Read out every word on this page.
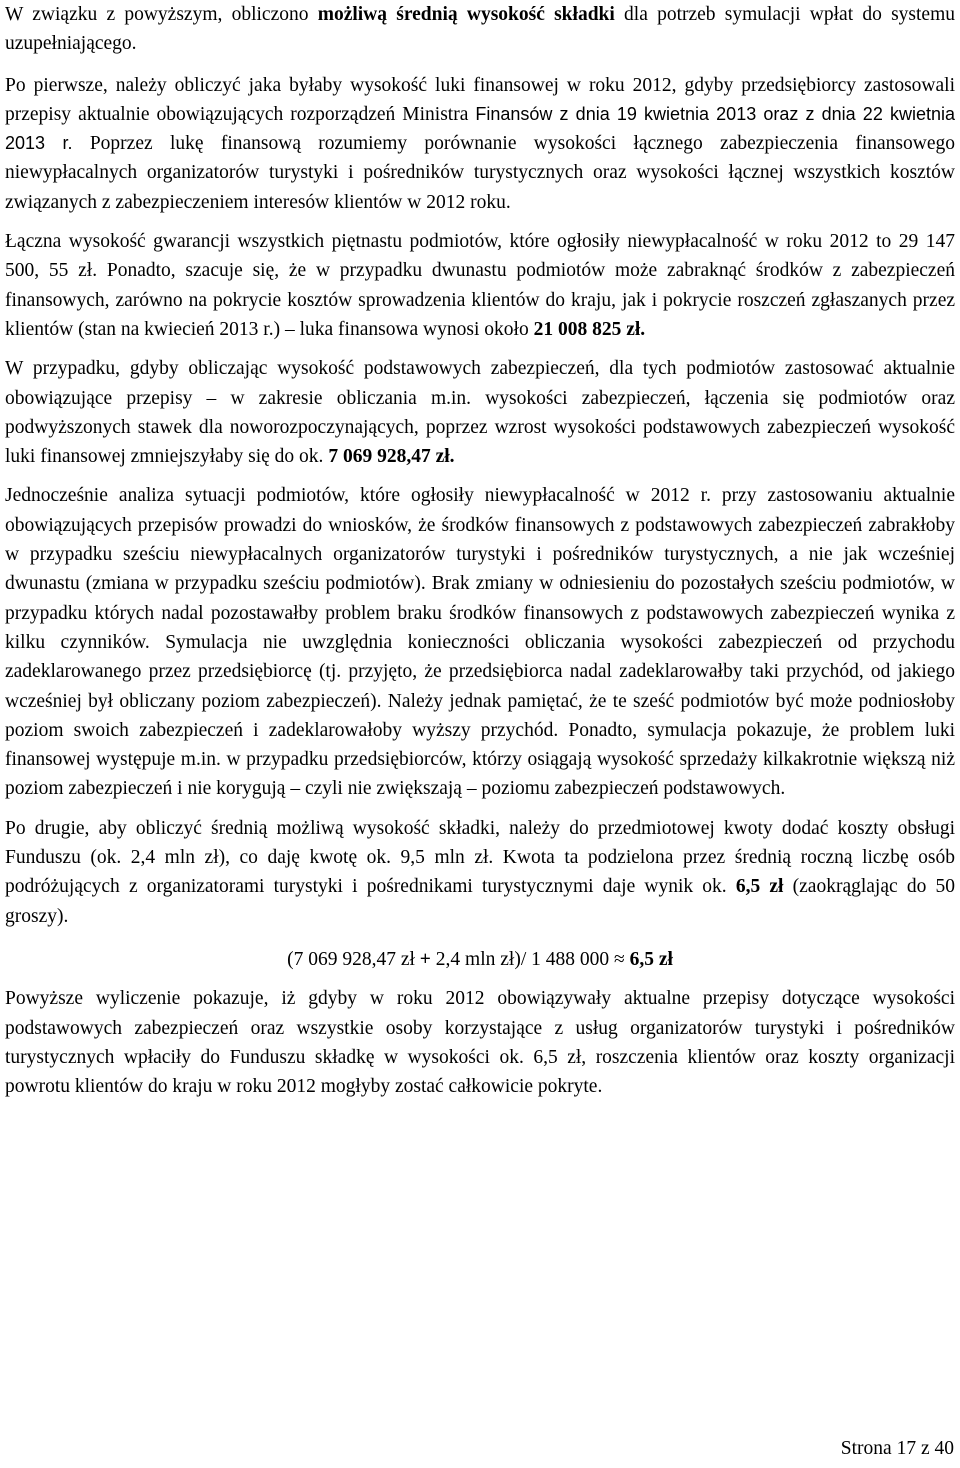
W związku z powyższym, obliczono możliwą średnią wysokość składki dla potrzeb symulacji wpłat do systemu uzupełniającego.

Po pierwsze, należy obliczyć jaka byłaby wysokość luki finansowej w roku 2012, gdyby przedsiębiorcy zastosowali przepisy aktualnie obowiązujących rozporządzeń Ministra Finansów z dnia 19 kwietnia 2013 oraz z dnia 22 kwietnia 2013 r. Poprzez lukę finansową rozumiemy porównanie wysokości łącznego zabezpieczenia finansowego niewypłacalnych organizatorów turystyki i pośredników turystycznych oraz wysokości łącznej wszystkich kosztów związanych z zabezpieczeniem interesów klientów w 2012 roku.

Łączna wysokość gwarancji wszystkich piętnastu podmiotów, które ogłosiły niewypłacalność w roku 2012 to 29 147 500, 55 zł. Ponadto, szacuje się, że w przypadku dwunastu podmiotów może zabraknąć środków z zabezpieczeń finansowych, zarówno na pokrycie kosztów sprowadzenia klientów do kraju, jak i pokrycie roszczeń zgłaszanych przez klientów (stan na kwiecień 2013 r.) – luka finansowa wynosi około 21 008 825 zł.

W przypadku, gdyby obliczając wysokość podstawowych zabezpieczeń, dla tych podmiotów zastosować aktualnie obowiązujące przepisy – w zakresie obliczania m.in. wysokości zabezpieczeń, łączenia się podmiotów oraz podwyższonych stawek dla noworozpoczynających, poprzez wzrost wysokości podstawowych zabezpieczeń wysokość luki finansowej zmniejszyłaby się do ok. 7 069 928,47 zł.

Jednocześnie analiza sytuacji podmiotów, które ogłosiły niewypłacalność w 2012 r. przy zastosowaniu aktualnie obowiązujących przepisów prowadzi do wniosków, że środków finansowych z podstawowych zabezpieczeń zabrakłoby w przypadku sześciu niewypłacalnych organizatorów turystyki i pośredników turystycznych, a nie jak wcześniej dwunastu (zmiana w przypadku sześciu podmiotów). Brak zmiany w odniesieniu do pozostałych sześciu podmiotów, w przypadku których nadal pozostawałby problem braku środków finansowych z podstawowych zabezpieczeń wynika z kilku czynników. Symulacja nie uwzględnia konieczności obliczania wysokości zabezpieczeń od przychodu zadeklarowanego przez przedsiębiorcę (tj. przyjęto, że przedsiębiorca nadal zadeklarowałby taki przychód, od jakiego wcześniej był obliczany poziom zabezpieczeń). Należy jednak pamiętać, że te sześć podmiotów być może podniosłoby poziom swoich zabezpieczeń i zadeklarowałoby wyższy przychód. Ponadto, symulacja pokazuje, że problem luki finansowej występuje m.in. w przypadku przedsiębiorców, którzy osiągają wysokość sprzedaży kilkakrotnie większą niż poziom zabezpieczeń i nie korygują – czyli nie zwiększają – poziomu zabezpieczeń podstawowych.

Po drugie, aby obliczyć średnią możliwą wysokość składki, należy do przedmiotowej kwoty dodać koszty obsługi Funduszu (ok. 2,4 mln zł), co daję kwotę ok. 9,5 mln zł. Kwota ta podzielona przez średnią roczną liczbę osób podróżujących z organizatorami turystyki i pośrednikami turystycznymi daje wynik ok. 6,5 zł (zaokrąglając do 50 groszy).

(7 069 928,47 zł + 2,4 mln zł)/ 1 488 000 ≈ 6,5 zł

Powyższe wyliczenie pokazuje, iż gdyby w roku 2012 obowiązywały aktualne przepisy dotyczące wysokości podstawowych zabezpieczeń oraz wszystkie osoby korzystające z usług organizatorów turystyki i pośredników turystycznych wpłaciły do Funduszu składkę w wysokości ok. 6,5 zł, roszczenia klientów oraz koszty organizacji powrotu klientów do kraju w roku 2012 mogłyby zostać całkowicie pokryte.

Strona 17 z 40
